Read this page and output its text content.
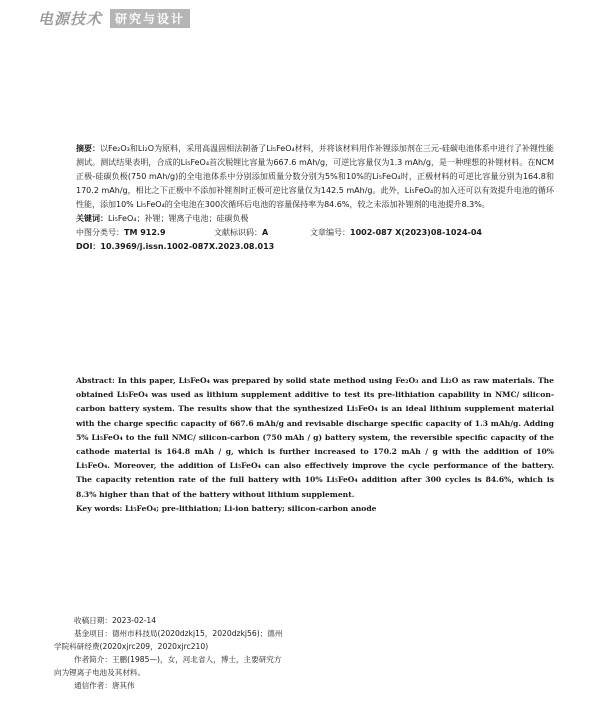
电源技术	研究与设计

摘要：以Fe₂O₃和Li₂O为原料，采用高温固相法制备了Li₅FeO₄材料，并将该材料用作补锂添加剂在三元-硅碳电池体系中进行了补锂性能测试。测试结果表明，合成的Li₅FeO₄首次脱锂比容量为667.6 mAh/g，可逆比容量仅为1.3 mAh/g，是一种理想的补锂材料。在NCM正极-硅碳负极(750 mAh/g)的全电池体系中分别添加质量分数分别为5%和10%的Li₅FeO₄时，正极材料的可逆比容量分别为164.8和170.2 mAh/g，相比之下正极中不添加补锂剂时正极可逆比容量仅为142.5 mAh/g。此外，Li₅FeO₄的加入还可以有效提升电池的循环性能，添加10% Li₅FeO₄的全电池在300次循环后电池的容量保持率为84.6%，较之未添加补锂剂的电池提升8.3%。

关键词：Li₅FeO₄；补锂；锂离子电池；硅碳负极

中图分类号：TM 912.9	文献标识码：A	文章编号：1002-087 X(2023)08-1024-04

DOI：10.3969/j.issn.1002-087X.2023.08.013

Abstract: In this paper, Li₅FeO₄ was prepared by solid state method using Fe₂O₃ and Li₂O as raw materials. The obtained Li₅FeO₄ was used as lithium supplement additive to test its pre-lithiation capability in NMC/ silicon-carbon battery system. The results show that the synthesized Li₅FeO₄ is an ideal lithium supplement material with the charge specific capacity of 667.6 mAh/g and revisable discharge specific capacity of 1.3 mAh/g. Adding 5% Li₅FeO₄ to the full NMC/ silicon-carbon (750 mAh / g) battery system, the reversible specific capacity of the cathode material is 164.8 mAh / g, which is further increased to 170.2 mAh / g with the addition of 10% Li₅FeO₄. Moreover, the addition of Li₅FeO₄ can also effectively improve the cycle performance of the battery. The capacity retention rate of the full battery with 10% Li₅FeO₄ addition after 300 cycles is 84.6%, which is 8.3% higher than that of the battery without lithium supplement.

Key words: Li₅FeO₄; pre-lithiation; Li-ion battery; silicon-carbon anode

收稿日期：2023-02-14

基金项目：德州市科技局(2020dzkj15，2020dzkj56)；德州

学院科研经费(2020xjrc209，2020xjrc210)

作者简介：王鹏(1985—)，女，河北省人，博士，主要研究方

向为锂离子电池及其材料。

通信作者：唐其伟
